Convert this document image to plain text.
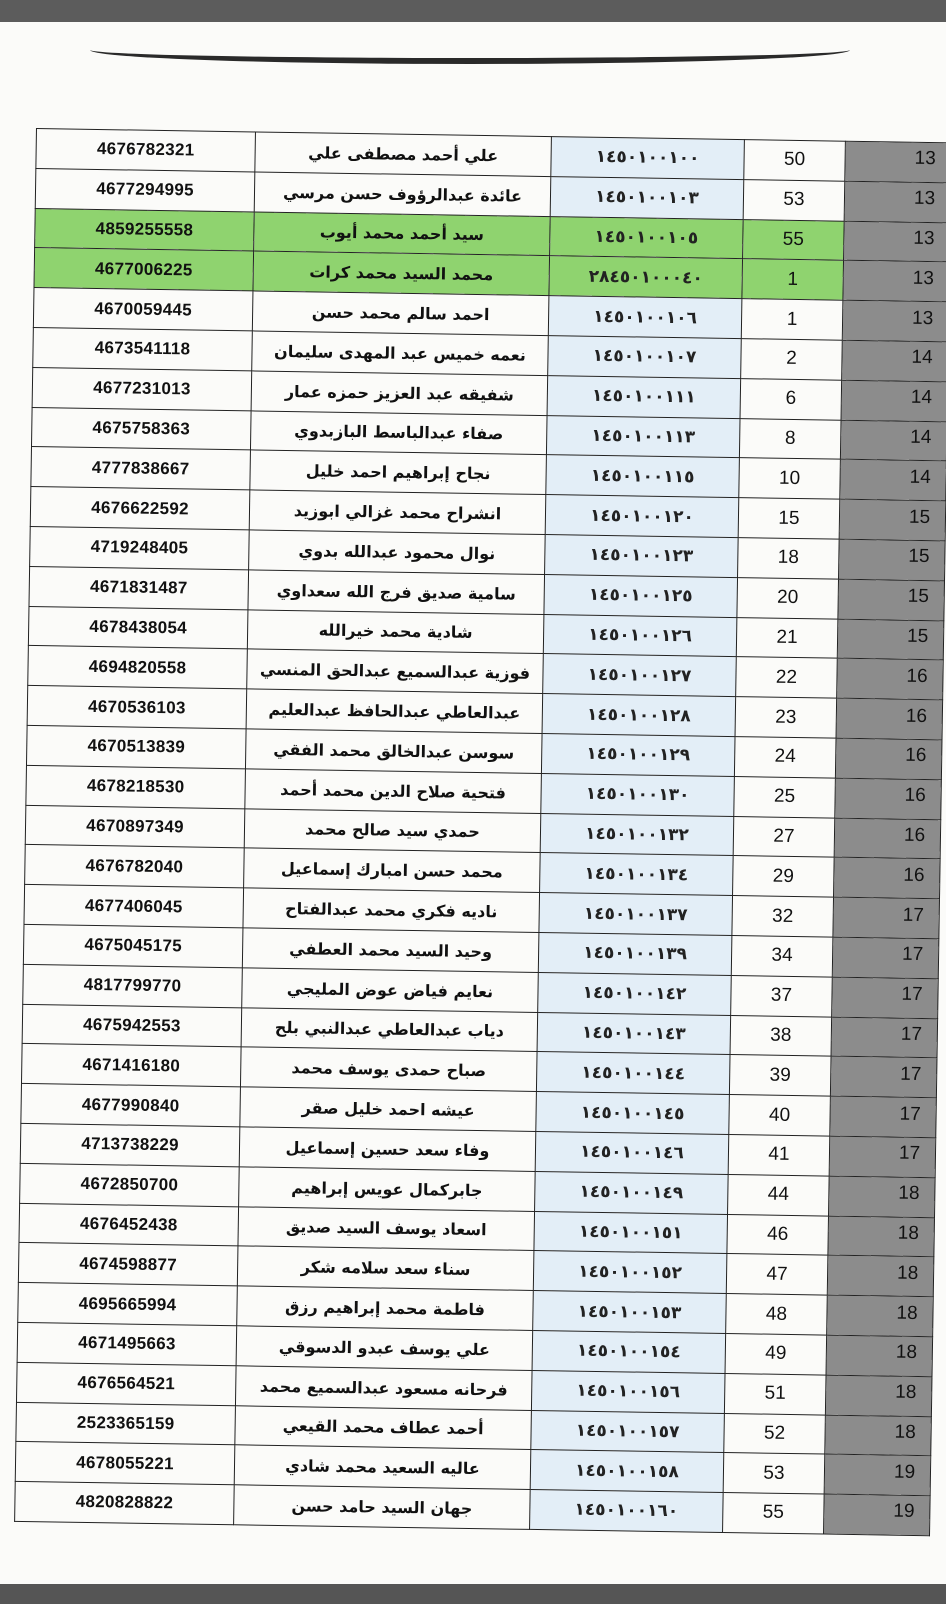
4676782321	علي أحمد مصطفى علي	١٤٥٠١٠٠١٠٠	50	13
4677294995	عائدة عبدالرؤوف حسن مرسي	١٤٥٠١٠٠١٠٣	53	13
4859255558	سيد أحمد محمد أيوب	١٤٥٠١٠٠١٠٥	55	13
4677006225	محمد السيد محمد كرات	٢٨٤٥٠١٠٠٠٤٠	1	13
4670059445	احمد سالم محمد حسن	١٤٥٠١٠٠١٠٦	1	13
4673541118	نعمه خميس عبد المهدى سليمان	١٤٥٠١٠٠١٠٧	2	14
4677231013	شفيقه عبد العزيز حمزه عمار	١٤٥٠١٠٠١١١	6	14
4675758363	صفاء عبدالباسط البازبدوي	١٤٥٠١٠٠١١٣	8	14
4777838667	نجاح إبراهيم احمد خليل	١٤٥٠١٠٠١١٥	10	14
4676622592	انشراح محمد غزالي ابوزيد	١٤٥٠١٠٠١٢٠	15	15
4719248405	نوال محمود عبدالله بدوي	١٤٥٠١٠٠١٢٣	18	15
4671831487	سامية صديق فرج الله سعداوي	١٤٥٠١٠٠١٢٥	20	15
4678438054	شادية محمد خيرالله	١٤٥٠١٠٠١٢٦	21	15
4694820558	فوزية عبدالسميع عبدالحق المنسي	١٤٥٠١٠٠١٢٧	22	16
4670536103	عبدالعاطي عبدالحافظ عبدالعليم	١٤٥٠١٠٠١٢٨	23	16
4670513839	سوسن عبدالخالق محمد الفقي	١٤٥٠١٠٠١٢٩	24	16
4678218530	فتحية صلاح الدين محمد أحمد	١٤٥٠١٠٠١٣٠	25	16
4670897349	حمدي سيد صالح محمد	١٤٥٠١٠٠١٣٢	27	16
4676782040	محمد حسن امبارك إسماعيل	١٤٥٠١٠٠١٣٤	29	16
4677406045	ناديه فكري محمد عبدالفتاح	١٤٥٠١٠٠١٣٧	32	17
4675045175	وحيد السيد محمد العطفي	١٤٥٠١٠٠١٣٩	34	17
4817799770	نعايم فياض عوض المليجي	١٤٥٠١٠٠١٤٢	37	17
4675942553	دياب عبدالعاطي عبدالنبي بلح	١٤٥٠١٠٠١٤٣	38	17
4671416180	صباح حمدى يوسف محمد	١٤٥٠١٠٠١٤٤	39	17
4677990840	عيشه احمد خليل صقر	١٤٥٠١٠٠١٤٥	40	17
4713738229	وفاء سعد حسين إسماعيل	١٤٥٠١٠٠١٤٦	41	17
4672850700	جابركمال عويس إبراهيم	١٤٥٠١٠٠١٤٩	44	18
4676452438	اسعاد يوسف السيد صديق	١٤٥٠١٠٠١٥١	46	18
4674598877	سناء سعد سلامه شكر	١٤٥٠١٠٠١٥٢	47	18
4695665994	فاطمة محمد إبراهيم رزق	١٤٥٠١٠٠١٥٣	48	18
4671495663	علي يوسف عبدو الدسوقي	١٤٥٠١٠٠١٥٤	49	18
4676564521	فرحانه مسعود عبدالسميع محمد	١٤٥٠١٠٠١٥٦	51	18
2523365159	أحمد عطاف محمد القيعي	١٤٥٠١٠٠١٥٧	52	18
4678055221	عاليه السعيد محمد شادي	١٤٥٠١٠٠١٥٨	53	19
4820828822	جهان السيد حامد حسن	١٤٥٠١٠٠١٦٠	55	19
